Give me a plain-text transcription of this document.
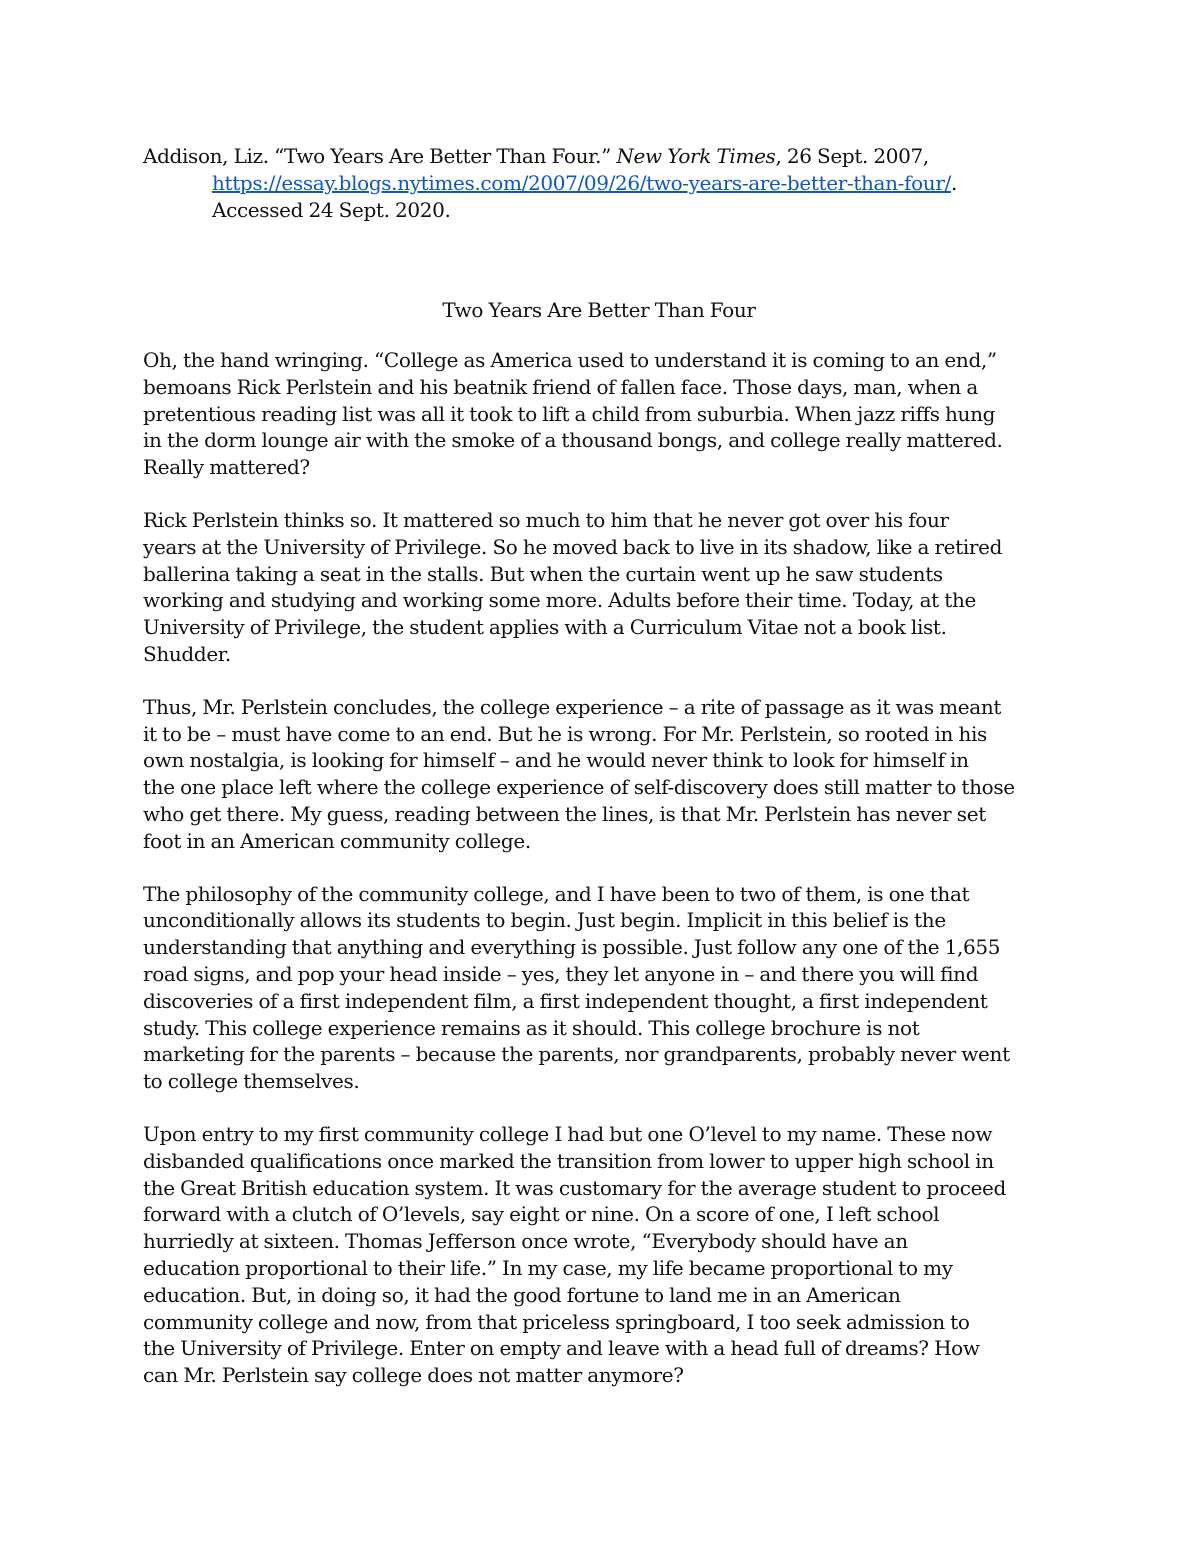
Addison, Liz. “Two Years Are Better Than Four.” New York Times, 26 Sept. 2007,
https://essay.blogs.nytimes.com/2007/09/26/two-years-are-better-than-four/.
Accessed 24 Sept. 2020.
Two Years Are Better Than Four

Oh, the hand wringing. “College as America used to understand it is coming to an end,”
bemoans Rick Perlstein and his beatnik friend of fallen face. Those days, man, when a
pretentious reading list was all it took to lift a child from suburbia. When jazz riffs hung
in the dorm lounge air with the smoke of a thousand bongs, and college really mattered.
Really mattered?

Rick Perlstein thinks so. It mattered so much to him that he never got over his four
years at the University of Privilege. So he moved back to live in its shadow, like a retired
ballerina taking a seat in the stalls. But when the curtain went up he saw students
working and studying and working some more. Adults before their time. Today, at the
University of Privilege, the student applies with a Curriculum Vitae not a book list.
Shudder.

Thus, Mr. Perlstein concludes, the college experience – a rite of passage as it was meant
it to be – must have come to an end. But he is wrong. For Mr. Perlstein, so rooted in his
own nostalgia, is looking for himself – and he would never think to look for himself in
the one place left where the college experience of self-discovery does still matter to those
who get there. My guess, reading between the lines, is that Mr. Perlstein has never set
foot in an American community college.

The philosophy of the community college, and I have been to two of them, is one that
unconditionally allows its students to begin. Just begin. Implicit in this belief is the
understanding that anything and everything is possible. Just follow any one of the 1,655
road signs, and pop your head inside – yes, they let anyone in – and there you will find
discoveries of a first independent film, a first independent thought, a first independent
study. This college experience remains as it should. This college brochure is not
marketing for the parents – because the parents, nor grandparents, probably never went
to college themselves.

Upon entry to my first community college I had but one O’level to my name. These now
disbanded qualifications once marked the transition from lower to upper high school in
the Great British education system. It was customary for the average student to proceed
forward with a clutch of O’levels, say eight or nine. On a score of one, I left school
hurriedly at sixteen. Thomas Jefferson once wrote, “Everybody should have an
education proportional to their life.” In my case, my life became proportional to my
education. But, in doing so, it had the good fortune to land me in an American
community college and now, from that priceless springboard, I too seek admission to
the University of Privilege. Enter on empty and leave with a head full of dreams? How
can Mr. Perlstein say college does not matter anymore?
